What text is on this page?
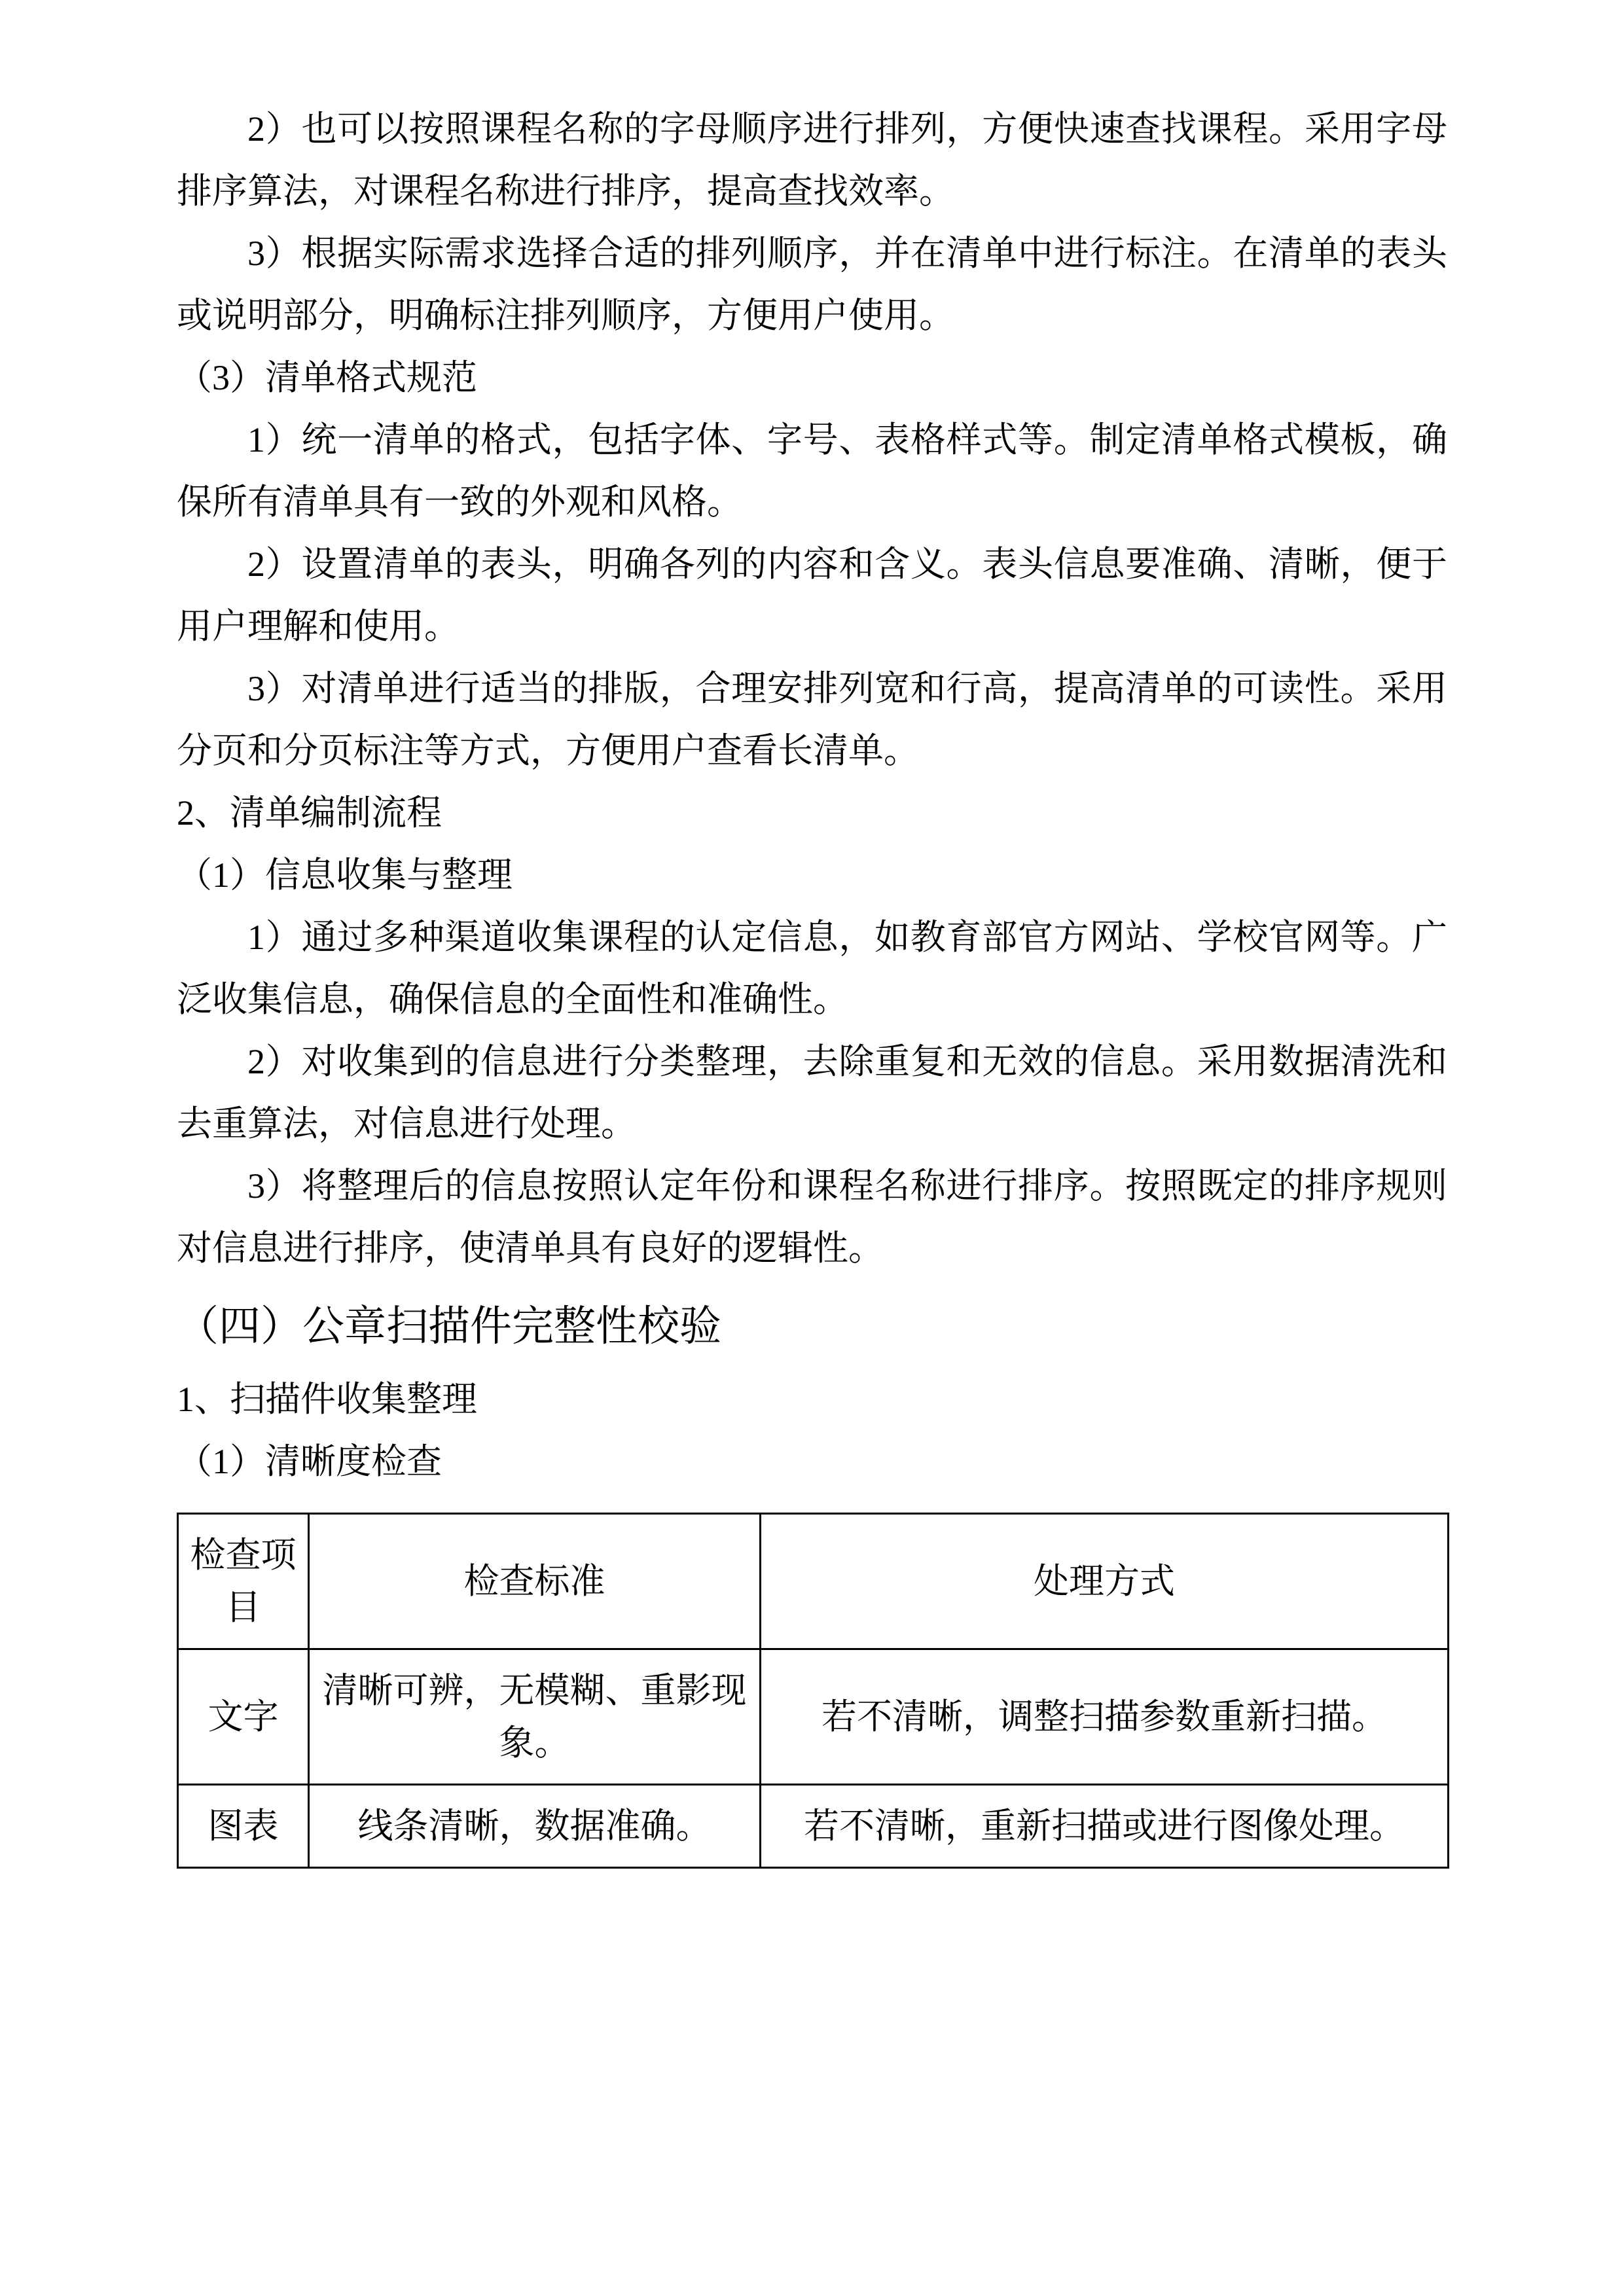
2）也可以按照课程名称的字母顺序进行排列，方便快速查找课程。采用字母排序算法，对课程名称进行排序，提高查找效率。

3）根据实际需求选择合适的排列顺序，并在清单中进行标注。在清单的表头或说明部分，明确标注排列顺序，方便用户使用。

（3）清单格式规范

1）统一清单的格式，包括字体、字号、表格样式等。制定清单格式模板，确保所有清单具有一致的外观和风格。

2）设置清单的表头，明确各列的内容和含义。表头信息要准确、清晰，便于用户理解和使用。

3）对清单进行适当的排版，合理安排列宽和行高，提高清单的可读性。采用分页和分页标注等方式，方便用户查看长清单。

2、清单编制流程

（1）信息收集与整理

1）通过多种渠道收集课程的认定信息，如教育部官方网站、学校官网等。广泛收集信息，确保信息的全面性和准确性。

2）对收集到的信息进行分类整理，去除重复和无效的信息。采用数据清洗和去重算法，对信息进行处理。

3）将整理后的信息按照认定年份和课程名称进行排序。按照既定的排序规则对信息进行排序，使清单具有良好的逻辑性。

（四）公章扫描件完整性校验

1、扫描件收集整理

（1）清晰度检查

检查项目	检查标准	处理方式
文字	清晰可辨，无模糊、重影现象。	若不清晰，调整扫描参数重新扫描。
图表	线条清晰，数据准确。	若不清晰，重新扫描或进行图像处理。
